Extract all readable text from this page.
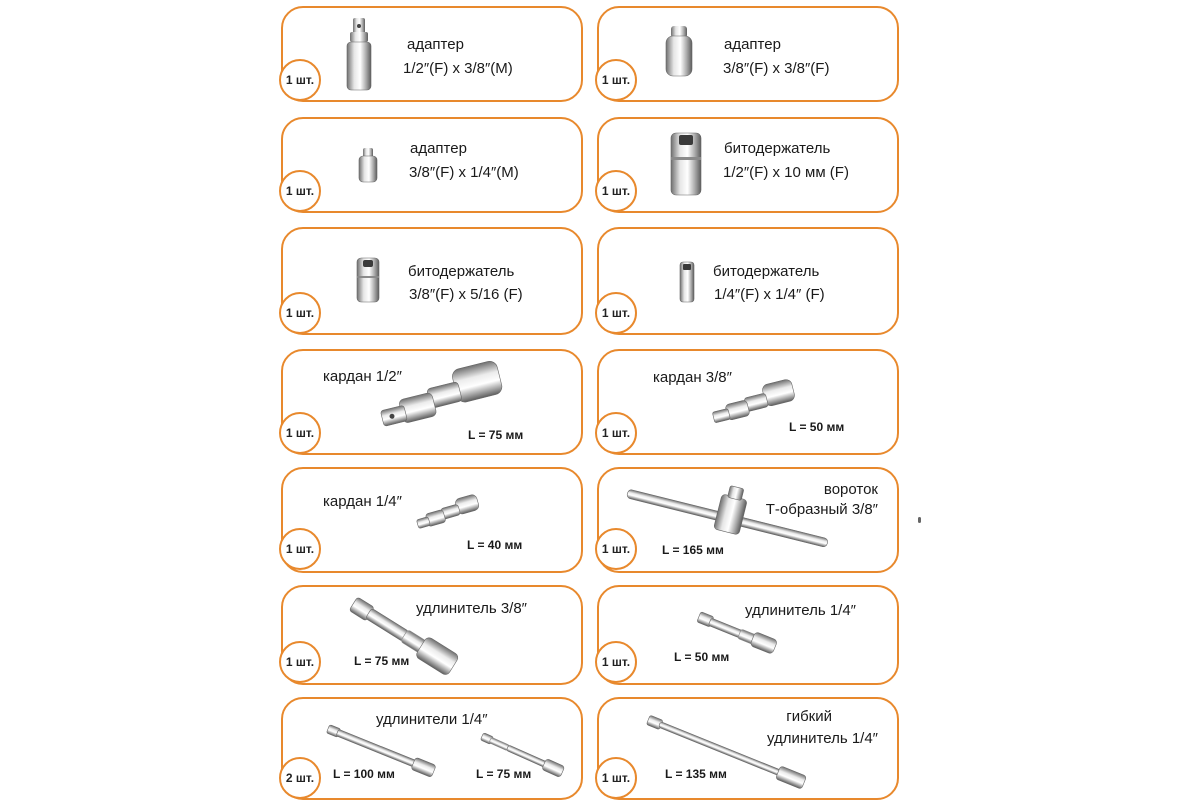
1 шт.
адаптер
1/2″(F) x 3/8″(M)
1 шт.
адаптер
3/8″(F) x 3/8″(F)
1 шт.
адаптер
3/8″(F) x 1/4″(M)
1 шт.
битодержатель
1/2″(F) x 10 мм (F)
1 шт.
битодержатель
3/8″(F) x 5/16 (F)
1 шт.
битодержатель
1/4″(F) x 1/4″ (F)
1 шт.
кардан 1/2″
L = 75 мм	1 шт.
кардан 3/8″
L = 50 мм
1 шт.
кардан 1/4″
L = 40 мм	1 шт.
вороток
Т-образный 3/8″
L = 165 мм
1 шт.
удлинитель 3/8″
L = 75 мм	1 шт.
удлинитель 1/4″
L = 50 мм
2 шт.
удлинители 1/4″
L = 100 мм	L = 75 мм	1 шт.
гибкий
удлинитель 1/4″
L = 135 мм
